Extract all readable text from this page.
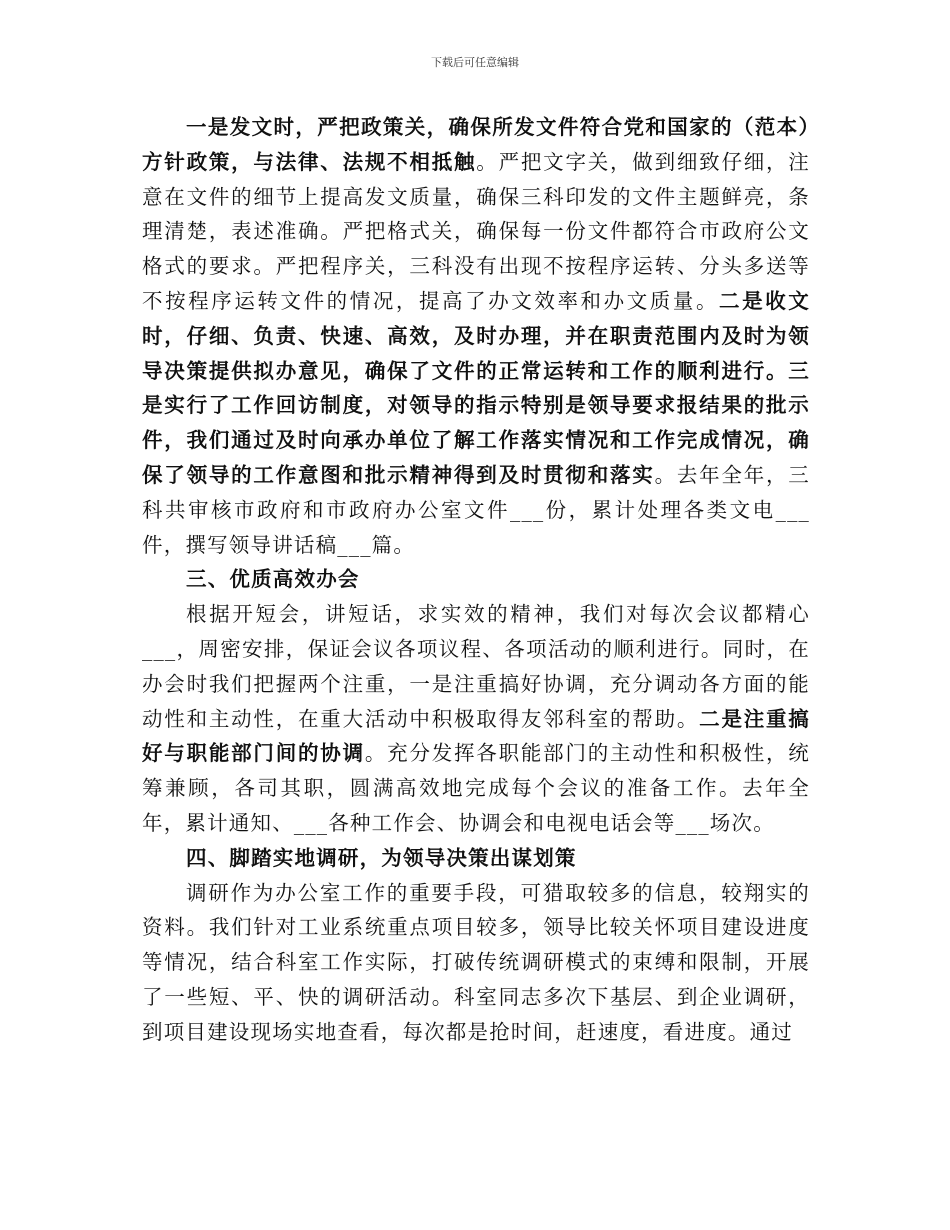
下载后可任意编辑

一是发文时，严把政策关，确保所发文件符合党和国家的（范本）方针政策，与法律、法规不相抵触。严把文字关，做到细致仔细，注意在文件的细节上提高发文质量，确保三科印发的文件主题鲜亮，条理清楚，表述准确。严把格式关，确保每一份文件都符合市政府公文格式的要求。严把程序关，三科没有出现不按程序运转、分头多送等不按程序运转文件的情况，提高了办文效率和办文质量。二是收文时，仔细、负责、快速、高效，及时办理，并在职责范围内及时为领导决策提供拟办意见，确保了文件的正常运转和工作的顺利进行。三是实行了工作回访制度，对领导的指示特别是领导要求报结果的批示件，我们通过及时向承办单位了解工作落实情况和工作完成情况，确保了领导的工作意图和批示精神得到及时贯彻和落实。去年全年，三科共审核市政府和市政府办公室文件___份，累计处理各类文电___件，撰写领导讲话稿___篇。

三、优质高效办会

根据开短会，讲短话，求实效的精神，我们对每次会议都精心___，周密安排，保证会议各项议程、各项活动的顺利进行。同时，在办会时我们把握两个注重，一是注重搞好协调，充分调动各方面的能动性和主动性，在重大活动中积极取得友邻科室的帮助。二是注重搞好与职能部门间的协调。充分发挥各职能部门的主动性和积极性，统筹兼顾，各司其职，圆满高效地完成每个会议的准备工作。去年全年，累计通知、___各种工作会、协调会和电视电话会等___场次。

四、脚踏实地调研，为领导决策出谋划策

调研作为办公室工作的重要手段，可猎取较多的信息，较翔实的资料。我们针对工业系统重点项目较多，领导比较关怀项目建设进度等情况，结合科室工作实际，打破传统调研模式的束缚和限制，开展了一些短、平、快的调研活动。科室同志多次下基层、到企业调研，到项目建设现场实地查看，每次都是抢时间，赶速度，看进度。通过
